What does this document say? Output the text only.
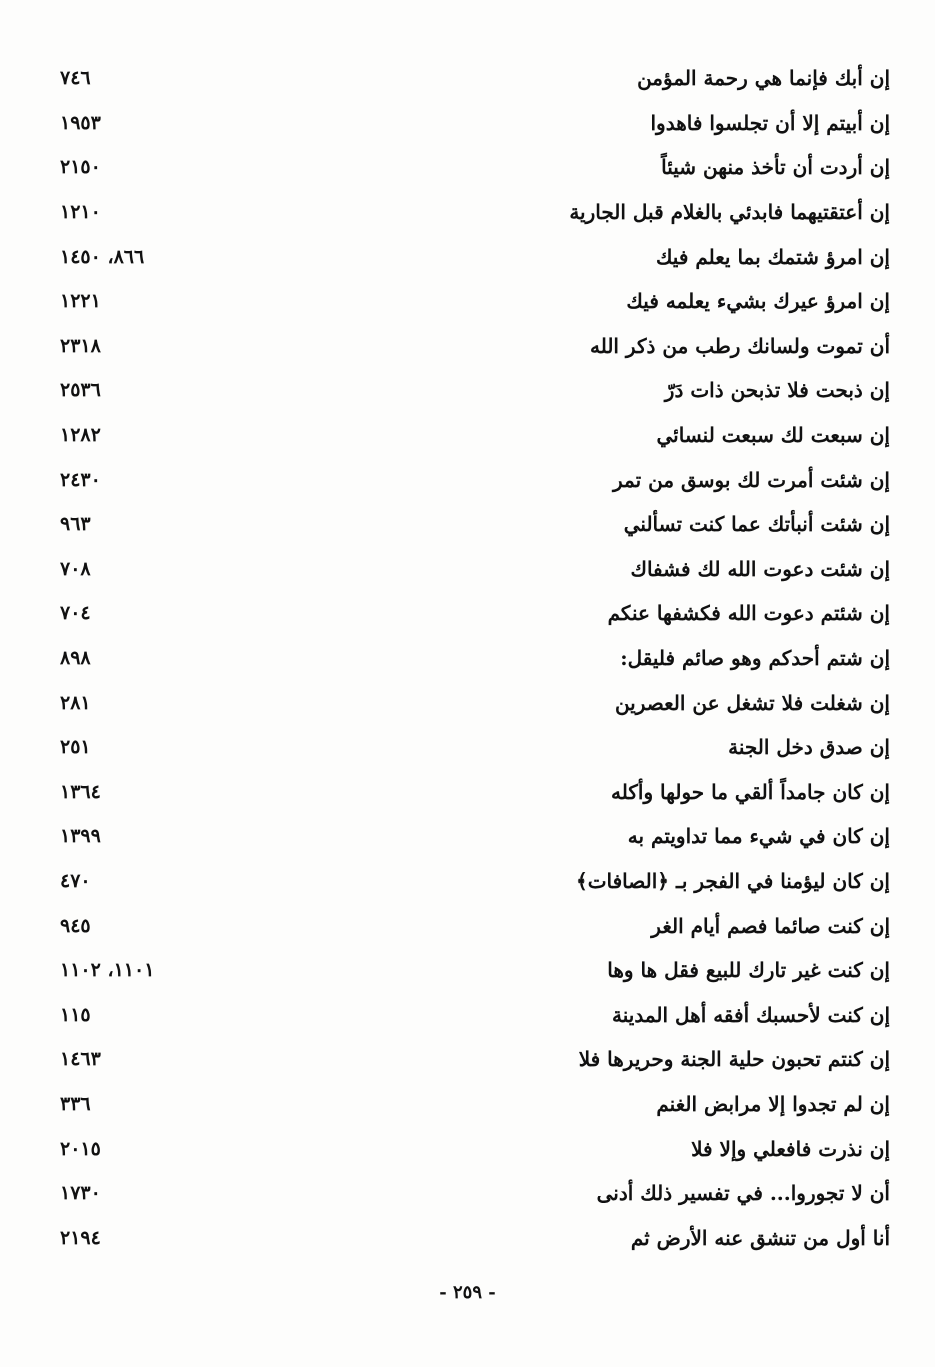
إن أبك فإنما هي رحمة المؤمن
٧٤٦
إن أبيتم إلا أن تجلسوا فاهدوا
١٩٥٣
إن أردت أن تأخذ منهن شيئاً
٢١٥٠
إن أعتقتيهما فابدئي بالغلام قبل الجارية
١٢١٠
إن امرؤ شتمك بما يعلم فيك
٨٦٦، ١٤٥٠
إن امرؤ عيرك بشيء يعلمه فيك
١٢٢١
أن تموت ولسانك رطب من ذكر الله
٢٣١٨
إن ذبحت فلا تذبحن ذات دَرّ
٢٥٣٦
إن سبعت لك سبعت لنسائي
١٢٨٢
إن شئت أمرت لك بوسق من تمر
٢٤٣٠
إن شئت أنبأتك عما كنت تسألني
٩٦٣
إن شئت دعوت الله لك فشفاك
٧٠٨
إن شئتم دعوت الله فكشفها عنكم
٧٠٤
إن شتم أحدكم وهو صائم فليقل:
٨٩٨
إن شغلت فلا تشغل عن العصرين
٢٨١
إن صدق دخل الجنة
٢٥١
إن كان جامداً ألقي ما حولها وأكله
١٣٦٤
إن كان في شيء مما تداويتم به
١٣٩٩
إن كان ليؤمنا في الفجر بـ ﴿الصافات﴾
٤٧٠
إن كنت صائما فصم أيام الغر
٩٤٥
إن كنت غير تارك للبيع فقل ها وها
١١٠١، ١١٠٢
إن كنت لأحسبك أفقه أهل المدينة
١١٥
إن كنتم تحبون حلية الجنة وحريرها فلا
١٤٦٣
إن لم تجدوا إلا مرابض الغنم
٣٣٦
إن نذرت فافعلي وإلا فلا
٢٠١٥
أن لا تجوروا... في تفسير ذلك أدنى
١٧٣٠
أنا أول من تنشق عنه الأرض ثم
٢١٩٤
- ٢٥٩ -
